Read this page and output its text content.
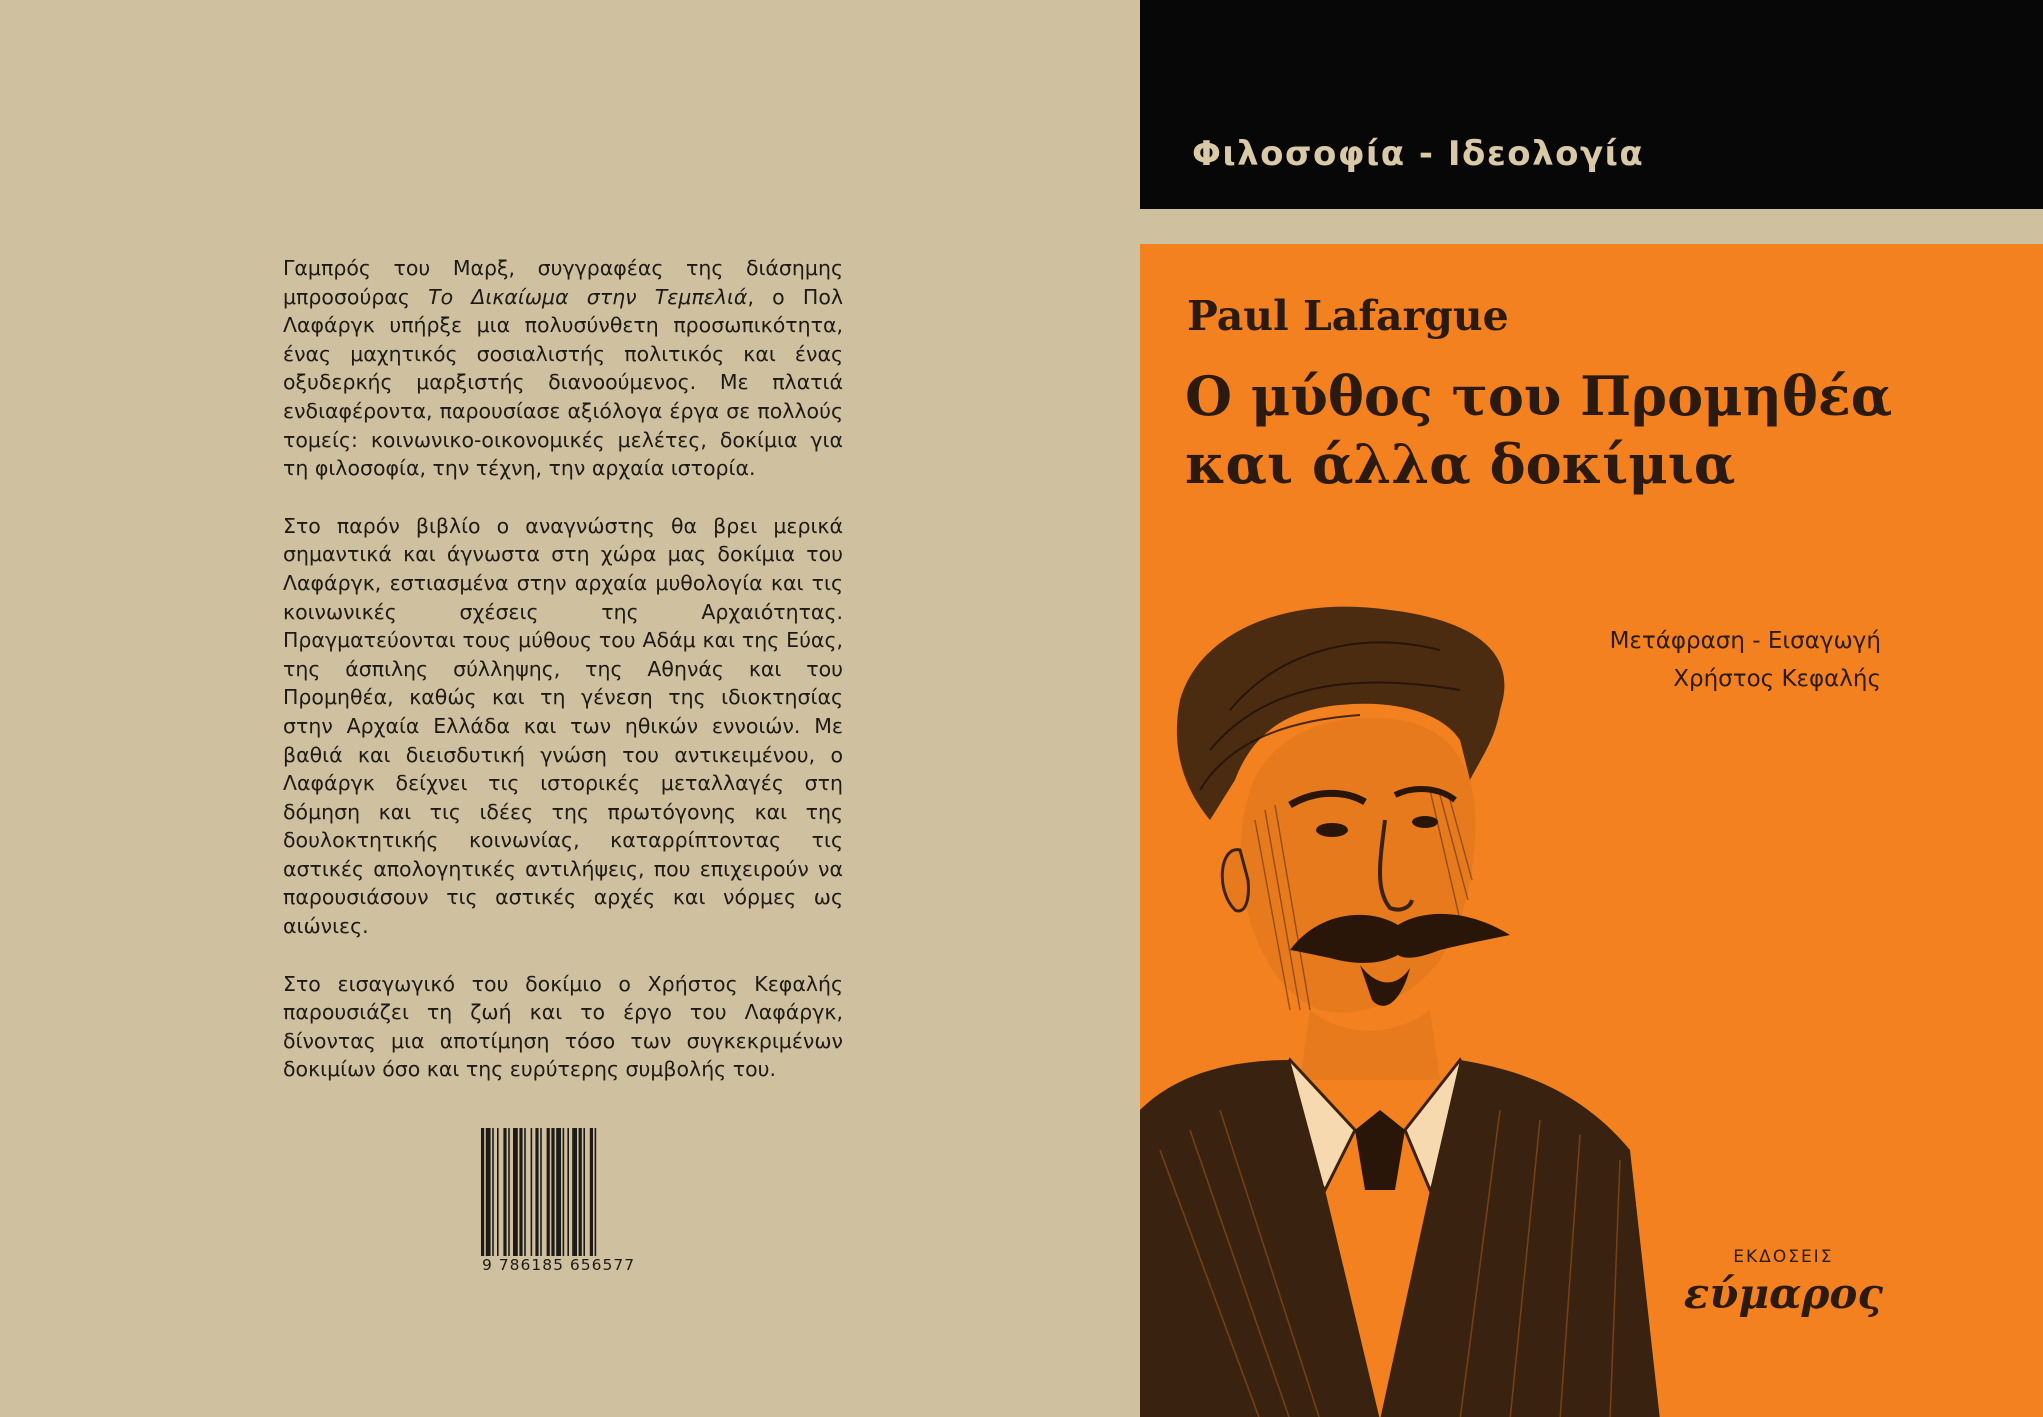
Γαμπρός του Μαρξ, συγγραφέας της διάσημης μπροσούρας Το Δικαίωμα στην Τεμπελιά, ο Πολ Λαφάργκ υπήρξε μια πολυσύνθετη προσωπικότητα, ένας μαχητικός σοσιαλιστής πολιτικός και ένας οξυδερκής μαρξιστής διανοούμενος. Με πλατιά ενδιαφέροντα, παρουσίασε αξιόλογα έργα σε πολλούς τομείς: κοινωνικο-οικονομικές μελέτες, δοκίμια για τη φιλοσοφία, την τέχνη, την αρχαία ιστορία.

Στο παρόν βιβλίο ο αναγνώστης θα βρει μερικά σημαντικά και άγνωστα στη χώρα μας δοκίμια του Λαφάργκ, εστιασμένα στην αρχαία μυθολογία και τις κοινωνικές σχέσεις της Αρχαιότητας. Πραγματεύονται τους μύθους του Αδάμ και της Εύας, της άσπιλης σύλληψης, της Αθηνάς και του Προμηθέα, καθώς και τη γένεση της ιδιοκτησίας στην Αρχαία Ελλάδα και των ηθικών εννοιών. Με βαθιά και διεισδυτική γνώση του αντικειμένου, ο Λαφάργκ δείχνει τις ιστορικές μεταλλαγές στη δόμηση και τις ιδέες της πρωτόγονης και της δουλοκτητικής κοινωνίας, καταρρίπτοντας τις αστικές απολογητικές αντιλήψεις, που επιχειρούν να παρουσιάσουν τις αστικές αρχές και νόρμες ως αιώνιες.

Στο εισαγωγικό του δοκίμιο ο Χρήστος Κεφαλής παρουσιάζει τη ζωή και το έργο του Λαφάργκ, δίνοντας μια αποτίμηση τόσο των συγκεκριμένων δοκιμίων όσο και της ευρύτερης συμβολής του.

9 786185 656577
Φιλοσοφία - Ιδεολογία
Paul Lafargue
Ο μύθος του Προμηθέα
και άλλα δοκίμια
Μετάφραση - Εισαγωγή
Χρήστος Κεφαλής
ΕΚΔΟΣΕΙΣ
εύμαρος
